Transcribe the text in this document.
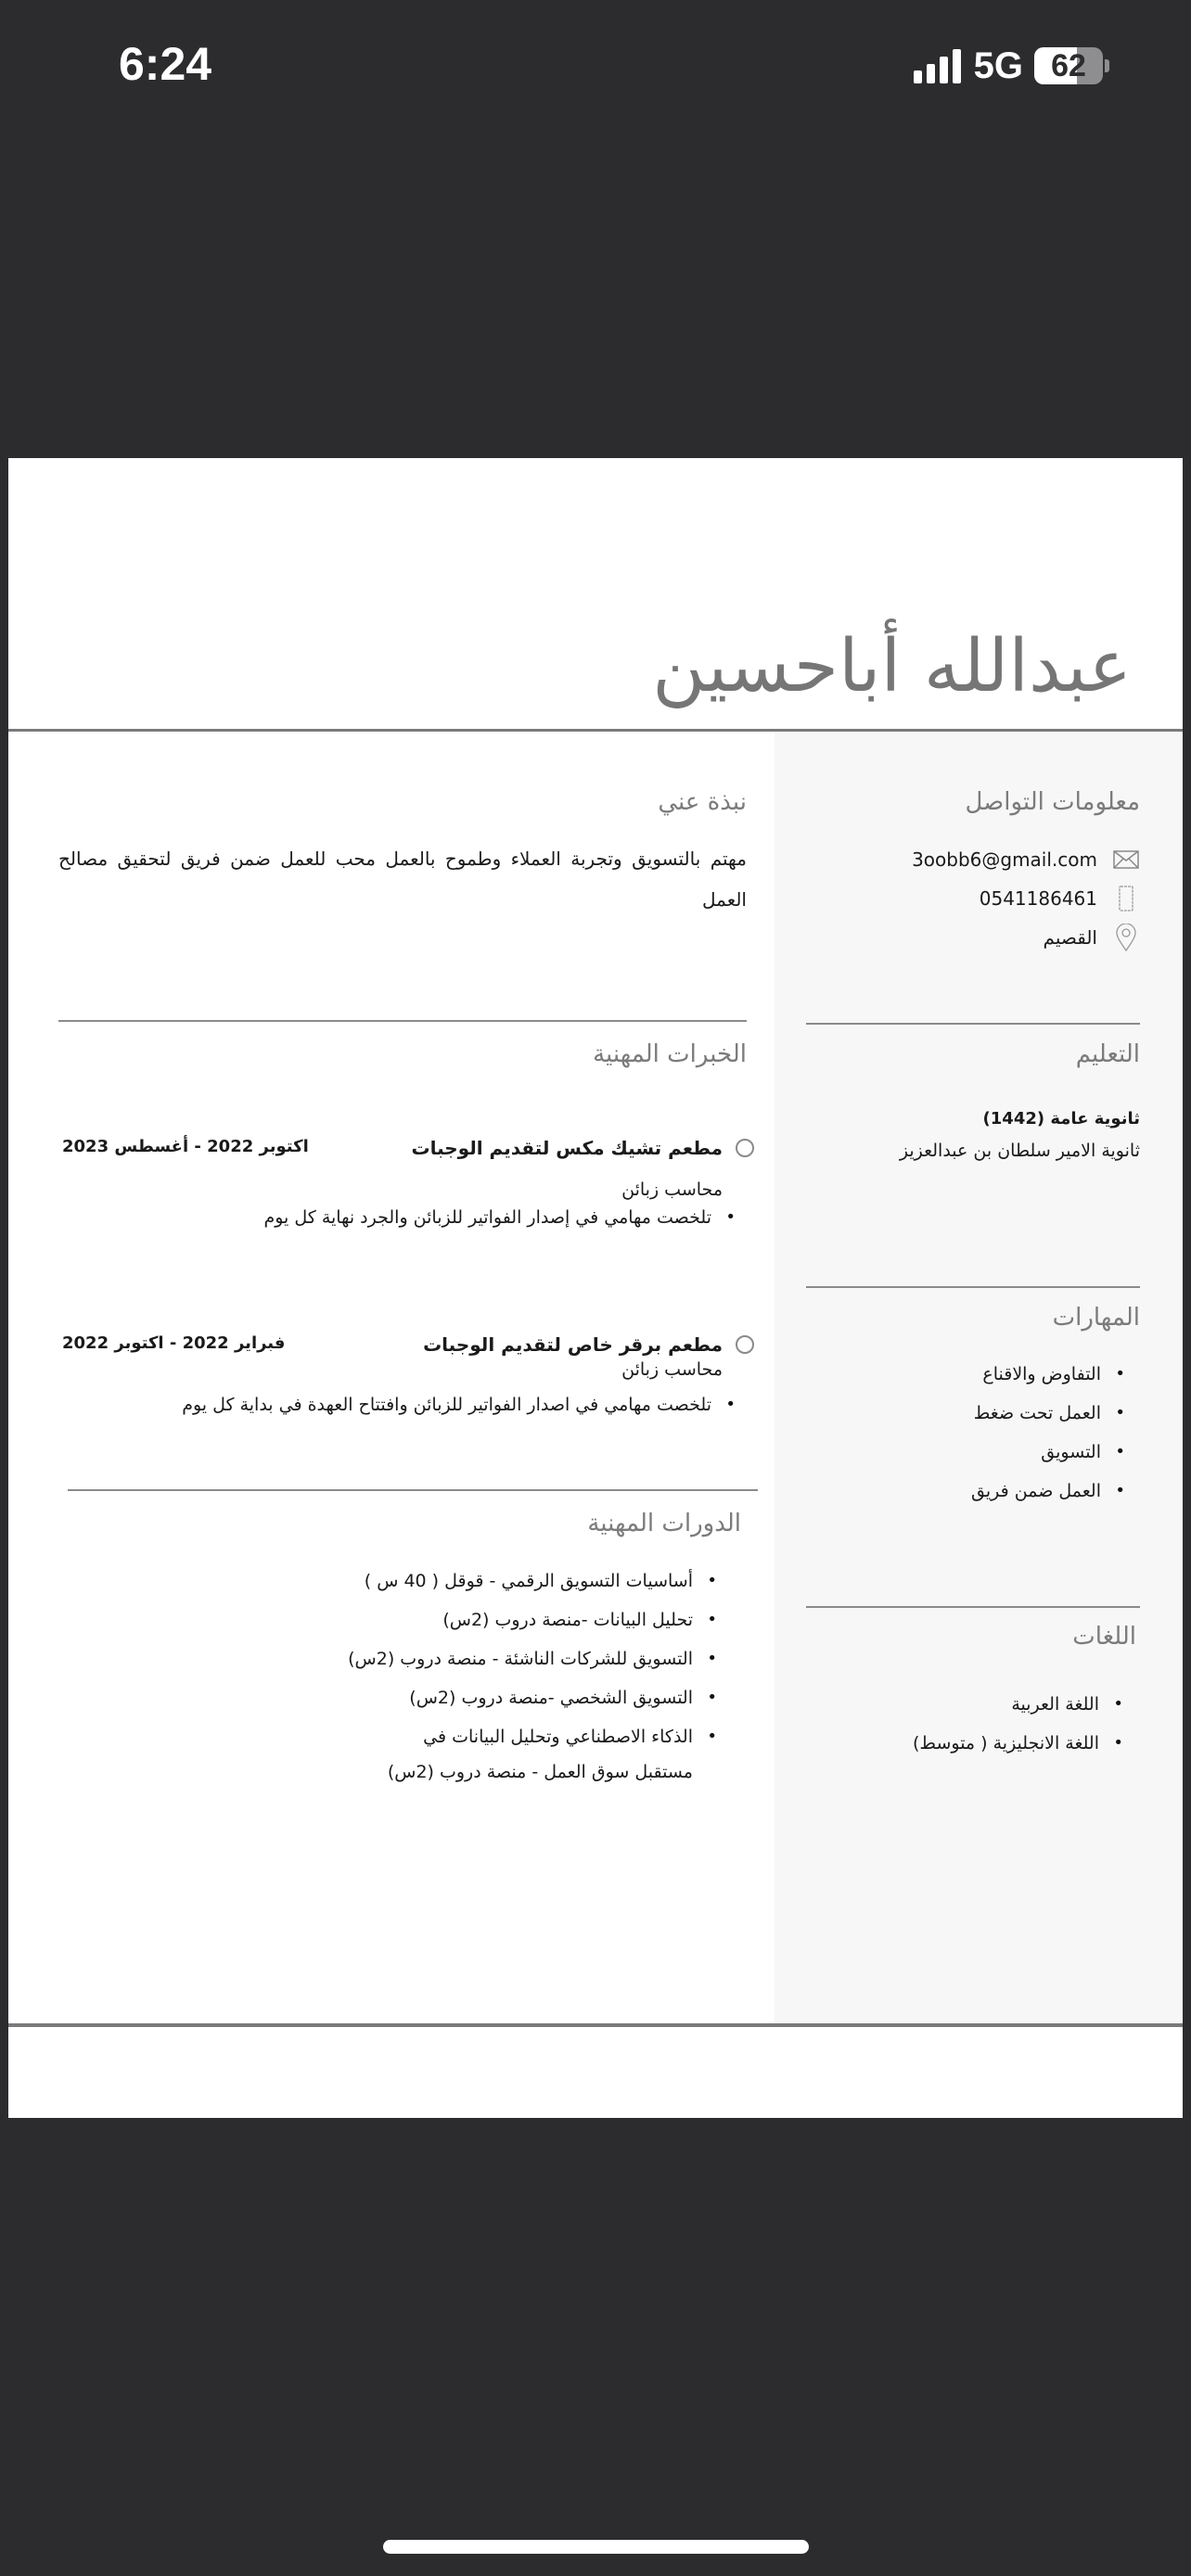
6:24	5G 62
عبدالله أباحسين
معلومات التواصل
3oobb6@gmail.com
0541186461
القصيم
التعليم
ثانوية عامة (1442)
ثانوية الامير سلطان بن عبدالعزيز
المهارات
• التفاوض والاقناع
• العمل تحت ضغط
• التسويق
• العمل ضمن فريق
اللغات
• اللغة العربية
• اللغة الانجليزية ( متوسط)
نبذة عني
مهتم بالتسويق وتجربة العملاء وطموح بالعمل محب للعمل ضمن فريق لتحقيق مصالح العمل
الخبرات المهنية
مطعم تشيك مكس لتقديم الوجبات
اكتوبر 2022 - أغسطس 2023
محاسب زبائن
• تلخصت مهامي في إصدار الفواتير للزبائن والجرد نهاية كل يوم
مطعم برقر خاص لتقديم الوجبات
فبراير 2022 - اكتوبر 2022
محاسب زبائن
• تلخصت مهامي في اصدار الفواتير للزبائن وافتتاح العهدة في بداية كل يوم
الدورات المهنية
• أساسيات التسويق الرقمي - قوقل ( 40 س )
• تحليل البيانات -منصة دروب (2س)
• التسويق للشركات الناشئة - منصة دروب (2س)
• التسويق الشخصي -منصة دروب (2س)
• الذكاء الاصطناعي وتحليل البيانات في
مستقبل سوق العمل - منصة دروب (2س)
